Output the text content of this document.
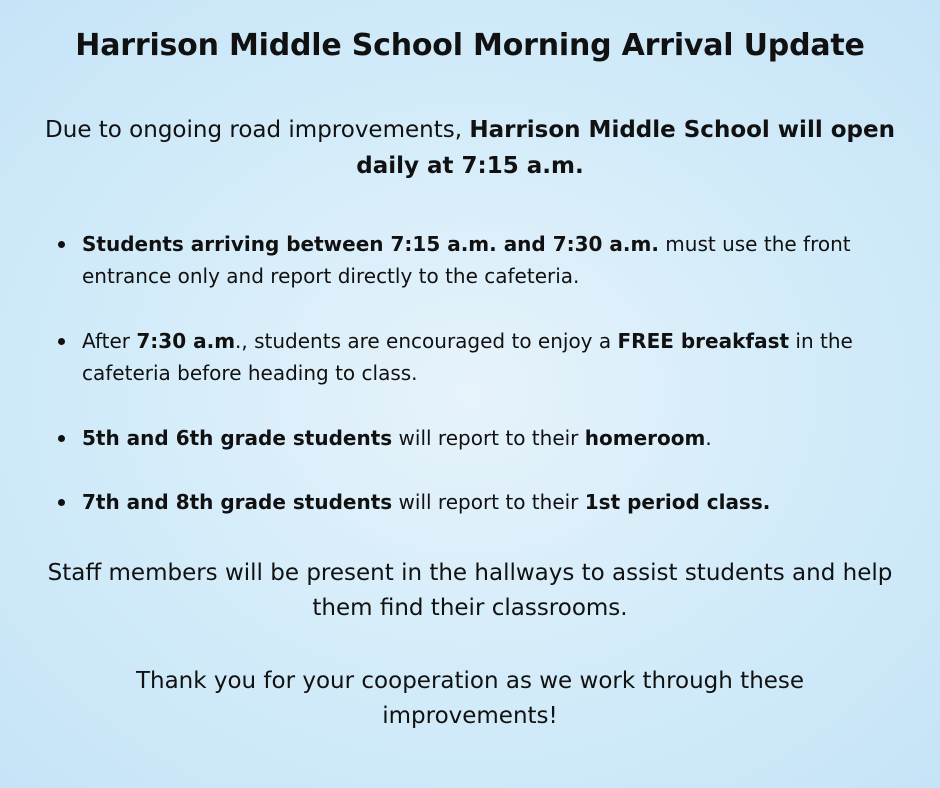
Harrison Middle School Morning Arrival Update

Due to ongoing road improvements, Harrison Middle School will open daily at 7:15 a.m.

Students arriving between 7:15 a.m. and 7:30 a.m. must use the front entrance only and report directly to the cafeteria.
After 7:30 a.m., students are encouraged to enjoy a FREE breakfast in the cafeteria before heading to class.
5th and 6th grade students will report to their homeroom.
7th and 8th grade students will report to their 1st period class.

Staff members will be present in the hallways to assist students and help them find their classrooms.

Thank you for your cooperation as we work through these improvements!
